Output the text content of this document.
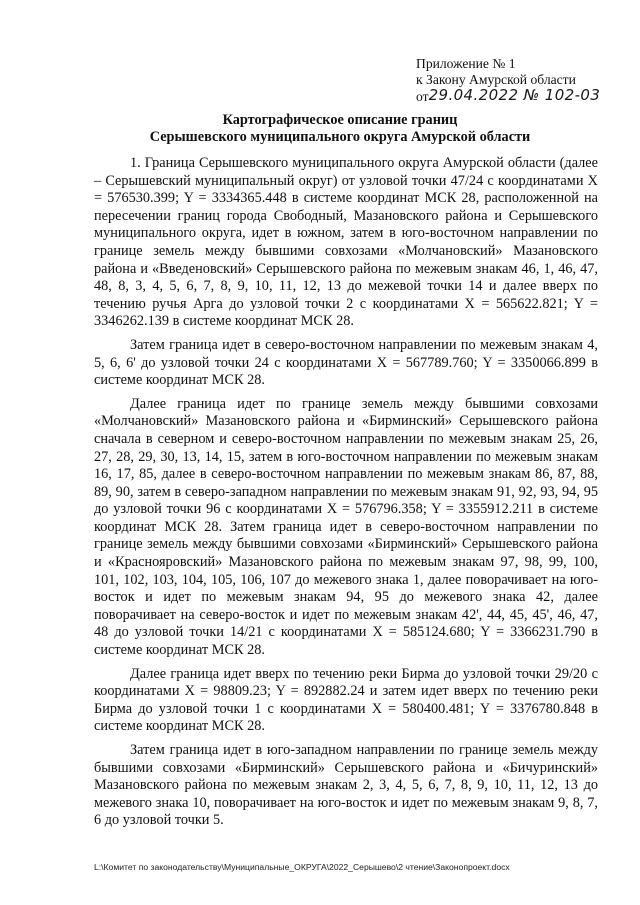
Приложение № 1
к Закону Амурской области
от29.04.2022 № 102-03
Картографическое описание границ
Серышевского муниципального округа Амурской области

1. Граница Серышевского муниципального округа Амурской области (далее – Серышевский муниципальный округ) от узловой точки 47/24 с координатами X = 576530.399; Y = 3334365.448 в системе координат МСК 28, расположенной на пересечении границ города Свободный, Мазановского района и Серышевского муниципального округа, идет в южном, затем в юго-восточном направлении по границе земель между бывшими совхозами «Молчановский» Мазановского района и «Введеновский» Серышевского района по межевым знакам 46, 1, 46, 47, 48, 8, 3, 4, 5, 6, 7, 8, 9, 10, 11, 12, 13 до межевой точки 14 и далее вверх по течению ручья Арга до узловой точки 2 с координатами X = 565622.821; Y = 3346262.139 в системе координат МСК 28.

Затем граница идет в северо-восточном направлении по межевым знакам 4, 5, 6, 6' до узловой точки 24 с координатами X = 567789.760; Y = 3350066.899 в системе координат МСК 28.

Далее граница идет по границе земель между бывшими совхозами «Молчановский» Мазановского района и «Бирминский» Серышевского района сначала в северном и северо-восточном направлении по межевым знакам 25, 26, 27, 28, 29, 30, 13, 14, 15, затем в юго-восточном направлении по межевым знакам 16, 17, 85, далее в северо-восточном направлении по межевым знакам 86, 87, 88, 89, 90, затем в северо-западном направлении по межевым знакам 91, 92, 93, 94, 95 до узловой точки 96 с координатами X = 576796.358; Y = 3355912.211 в системе координат МСК 28. Затем граница идет в северо-восточном направлении по границе земель между бывшими совхозами «Бирминский» Серышевского района и «Краснояровский» Мазановского района по межевым знакам 97, 98, 99, 100, 101, 102, 103, 104, 105, 106, 107 до межевого знака 1, далее поворачивает на юго-восток и идет по межевым знакам 94, 95 до межевого знака 42, далее поворачивает на северо-восток и идет по межевым знакам 42', 44, 45, 45', 46, 47, 48 до узловой точки 14/21 с координатами X = 585124.680; Y = 3366231.790 в системе координат МСК 28.

Далее граница идет вверх по течению реки Бирма до узловой точки 29/20 с координатами X = 98809.23; Y = 892882.24 и затем идет вверх по течению реки Бирма до узловой точки 1 с координатами X = 580400.481; Y = 3376780.848 в системе координат МСК 28.

Затем граница идет в юго-западном направлении по границе земель между бывшими совхозами «Бирминский» Серышевского района и «Бичуринский» Мазановского района по межевым знакам 2, 3, 4, 5, 6, 7, 8, 9, 10, 11, 12, 13 до межевого знака 10, поворачивает на юго-восток и идет по межевым знакам 9, 8, 7, 6 до узловой точки 5.

L:\Комитет по законодательству\Муниципальные_ОКРУГА\2022_Серышево\2 чтение\Законопроект.docx
